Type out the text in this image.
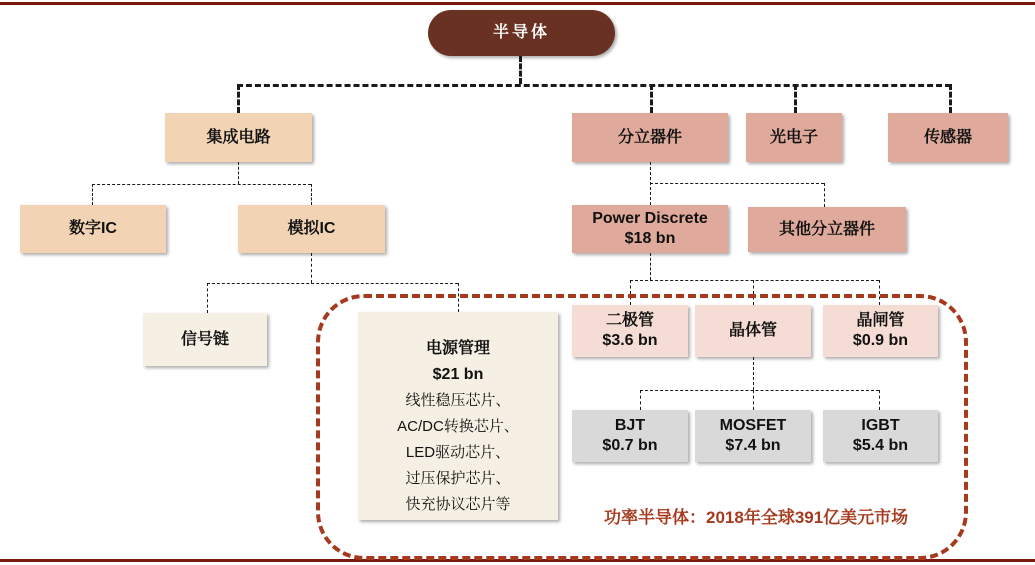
半导体
集成电路	分立器件	光电子	传感器
数字IC	模拟IC
Power Discrete
$18 bn
其他分立器件
信号链
电源管理
$21 bn
线性稳压芯片、
AC/DC转换芯片、
LED驱动芯片、
过压保护芯片、
快充协议芯片等
二极管
$3.6 bn
晶体管
晶闸管
$0.9 bn
BJT
$0.7 bn
MOSFET
$7.4 bn
IGBT
$5.4 bn
功率半导体：2018年全球391亿美元市场
